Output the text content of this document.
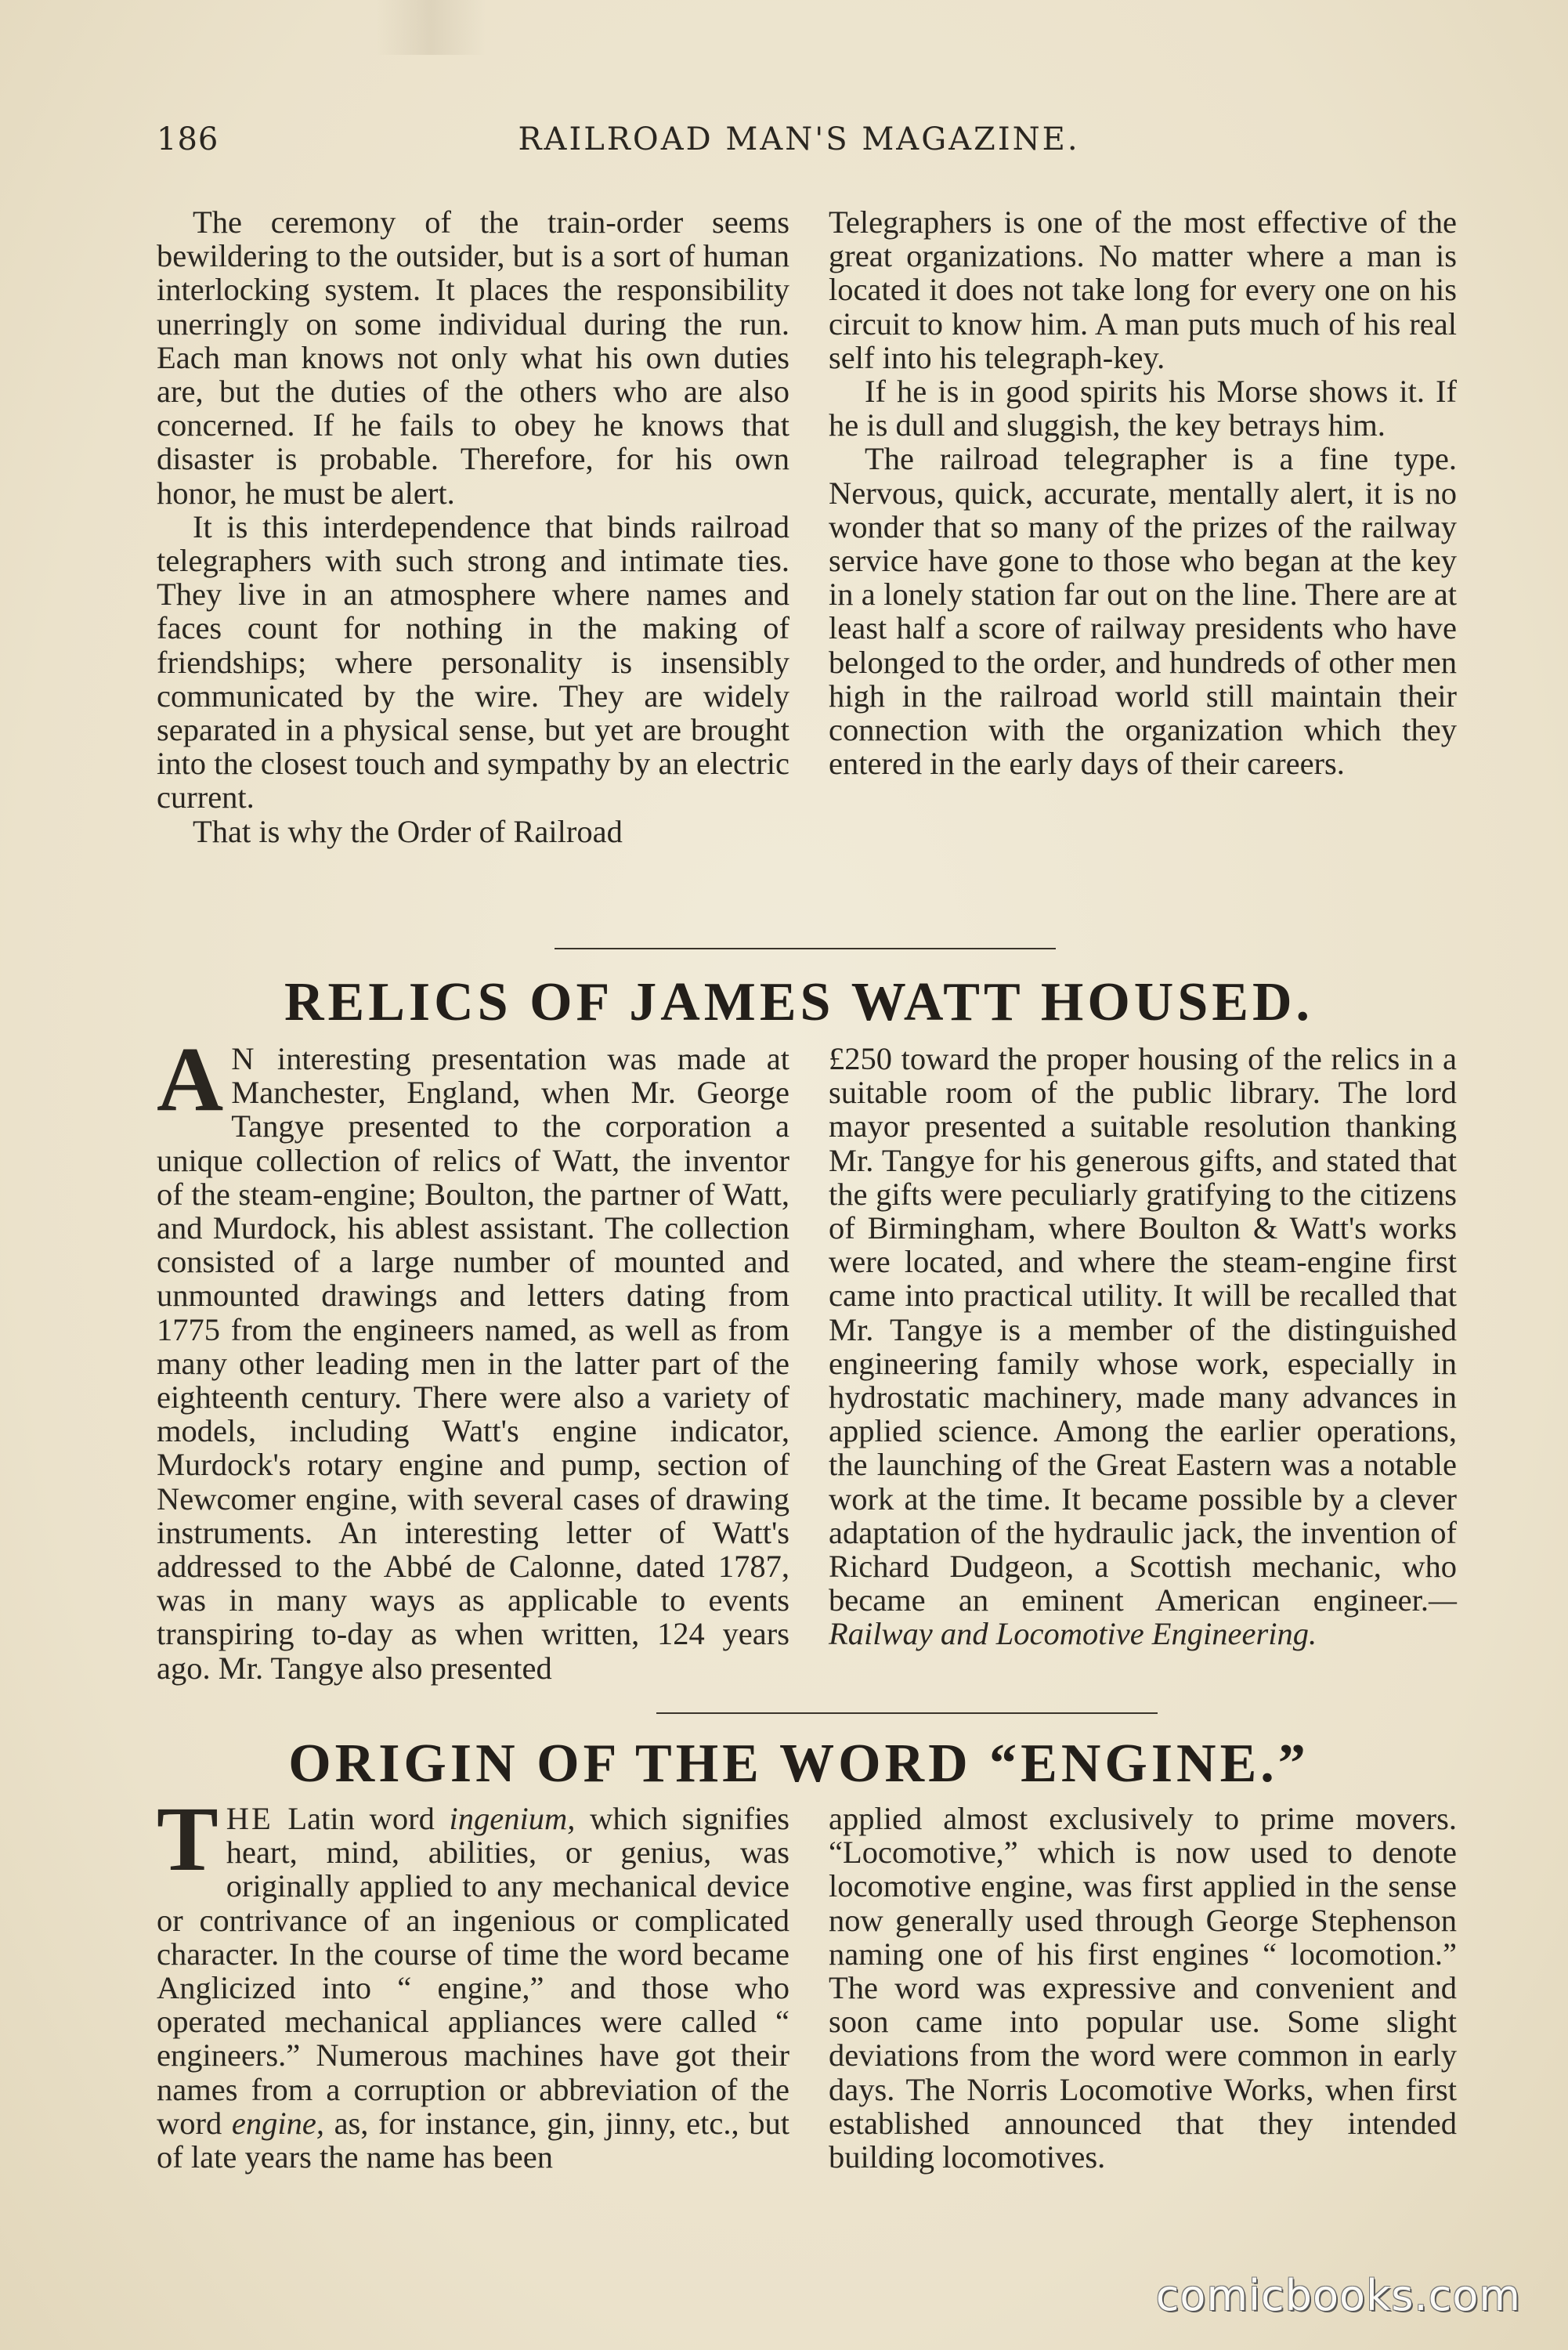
186	RAILROAD MAN'S MAGAZINE.

The ceremony of the train-order seems bewildering to the outsider, but is a sort of human interlocking system. It places the responsibility unerringly on some individual during the run. Each man knows not only what his own duties are, but the duties of the others who are also concerned. If he fails to obey he knows that disaster is probable. Therefore, for his own honor, he must be alert.

It is this interdependence that binds railroad telegraphers with such strong and intimate ties. They live in an atmosphere where names and faces count for nothing in the making of friendships; where personality is insensibly communicated by the wire. They are widely separated in a physical sense, but yet are brought into the closest touch and sympathy by an electric current.

That is why the Order of Railroad

Telegraphers is one of the most effective of the great organizations. No matter where a man is located it does not take long for every one on his circuit to know him. A man puts much of his real self into his telegraph-key.

If he is in good spirits his Morse shows it. If he is dull and sluggish, the key betrays him.

The railroad telegrapher is a fine type. Nervous, quick, accurate, mentally alert, it is no wonder that so many of the prizes of the railway service have gone to those who began at the key in a lonely station far out on the line. There are at least half a score of railway presidents who have belonged to the order, and hundreds of other men high in the railroad world still maintain their connection with the organization which they entered in the early days of their careers.

RELICS OF JAMES WATT HOUSED.

A N interesting presentation was made at Manchester, England, when Mr. George Tangye presented to the corporation a unique collection of relics of Watt, the inventor of the steam-engine; Boulton, the partner of Watt, and Murdock, his ablest assistant. The collection consisted of a large number of mounted and unmounted drawings and letters dating from 1775 from the engineers named, as well as from many other leading men in the latter part of the eighteenth century. There were also a variety of models, including Watt's engine indicator, Murdock's rotary engine and pump, section of Newcomer engine, with several cases of drawing instruments. An interesting letter of Watt's addressed to the Abbé de Calonne, dated 1787, was in many ways as applicable to events transpiring to-day as when written, 124 years ago. Mr. Tangye also presented

£250 toward the proper housing of the relics in a suitable room of the public library. The lord mayor presented a suitable resolution thanking Mr. Tangye for his generous gifts, and stated that the gifts were peculiarly gratifying to the citizens of Birmingham, where Boulton & Watt's works were located, and where the steam-engine first came into practical utility. It will be recalled that Mr. Tangye is a member of the distinguished engineering family whose work, especially in hydrostatic machinery, made many advances in applied science. Among the earlier operations, the launching of the Great Eastern was a notable work at the time. It became possible by a clever adaptation of the hydraulic jack, the invention of Richard Dudgeon, a Scottish mechanic, who became an eminent American engineer.—Railway and Locomotive Engineering.

ORIGIN OF THE WORD “ENGINE.”

THE Latin word ingenium, which signifies heart, mind, abilities, or genius, was originally applied to any mechanical device or contrivance of an ingenious or complicated character. In the course of time the word became Anglicized into “ engine,” and those who operated mechanical appliances were called “ engineers.” Numerous machines have got their names from a corruption or abbreviation of the word engine, as, for instance, gin, jinny, etc., but of late years the name has been

applied almost exclusively to prime movers. “Locomotive,” which is now used to denote locomotive engine, was first applied in the sense now generally used through George Stephenson naming one of his first engines “ locomotion.” The word was expressive and convenient and soon came into popular use. Some slight deviations from the word were common in early days. The Norris Locomotive Works, when first established announced that they intended building locomotives.

comicbooks.com
